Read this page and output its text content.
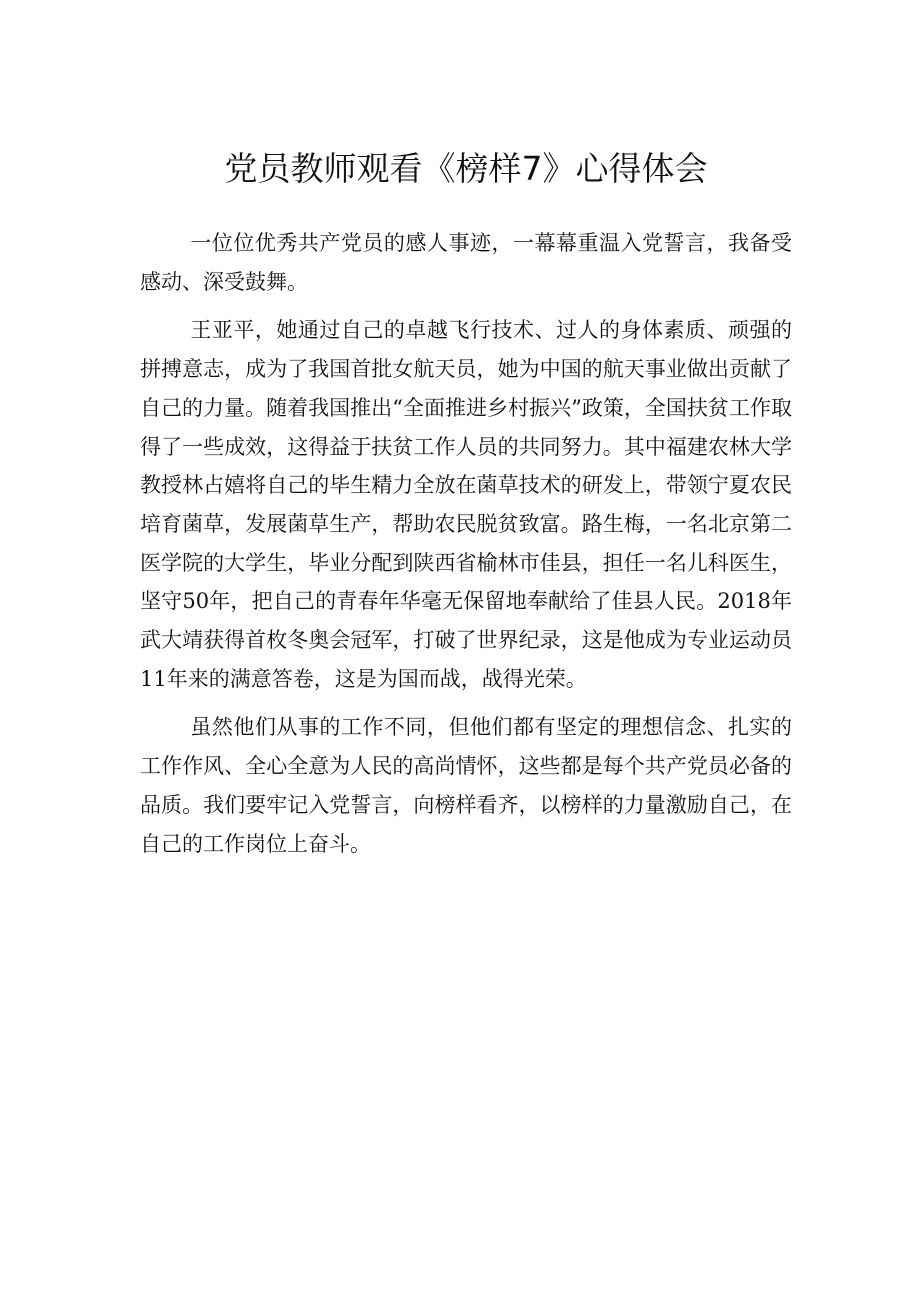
党员教师观看《榜样7》心得体会

一位位优秀共产党员的感人事迹，一幕幕重温入党誓言，我备受感动、深受鼓舞。

王亚平，她通过自己的卓越飞行技术、过人的身体素质、顽强的拼搏意志，成为了我国首批女航天员，她为中国的航天事业做出贡献了自己的力量。随着我国推出“全面推进乡村振兴”政策，全国扶贫工作取得了一些成效，这得益于扶贫工作人员的共同努力。其中福建农林大学教授林占嬉将自己的毕生精力全放在菌草技术的研发上，带领宁夏农民培育菌草，发展菌草生产，帮助农民脱贫致富。路生梅，一名北京第二医学院的大学生，毕业分配到陕西省榆林市佳县，担任一名儿科医生，坚守50年，把自己的青春年华毫无保留地奉献给了佳县人民。2018年武大靖获得首枚冬奥会冠军，打破了世界纪录，这是他成为专业运动员11年来的满意答卷，这是为国而战，战得光荣。

虽然他们从事的工作不同，但他们都有坚定的理想信念、扎实的工作作风、全心全意为人民的高尚情怀，这些都是每个共产党员必备的品质。我们要牢记入党誓言，向榜样看齐，以榜样的力量激励自己，在自己的工作岗位上奋斗。
